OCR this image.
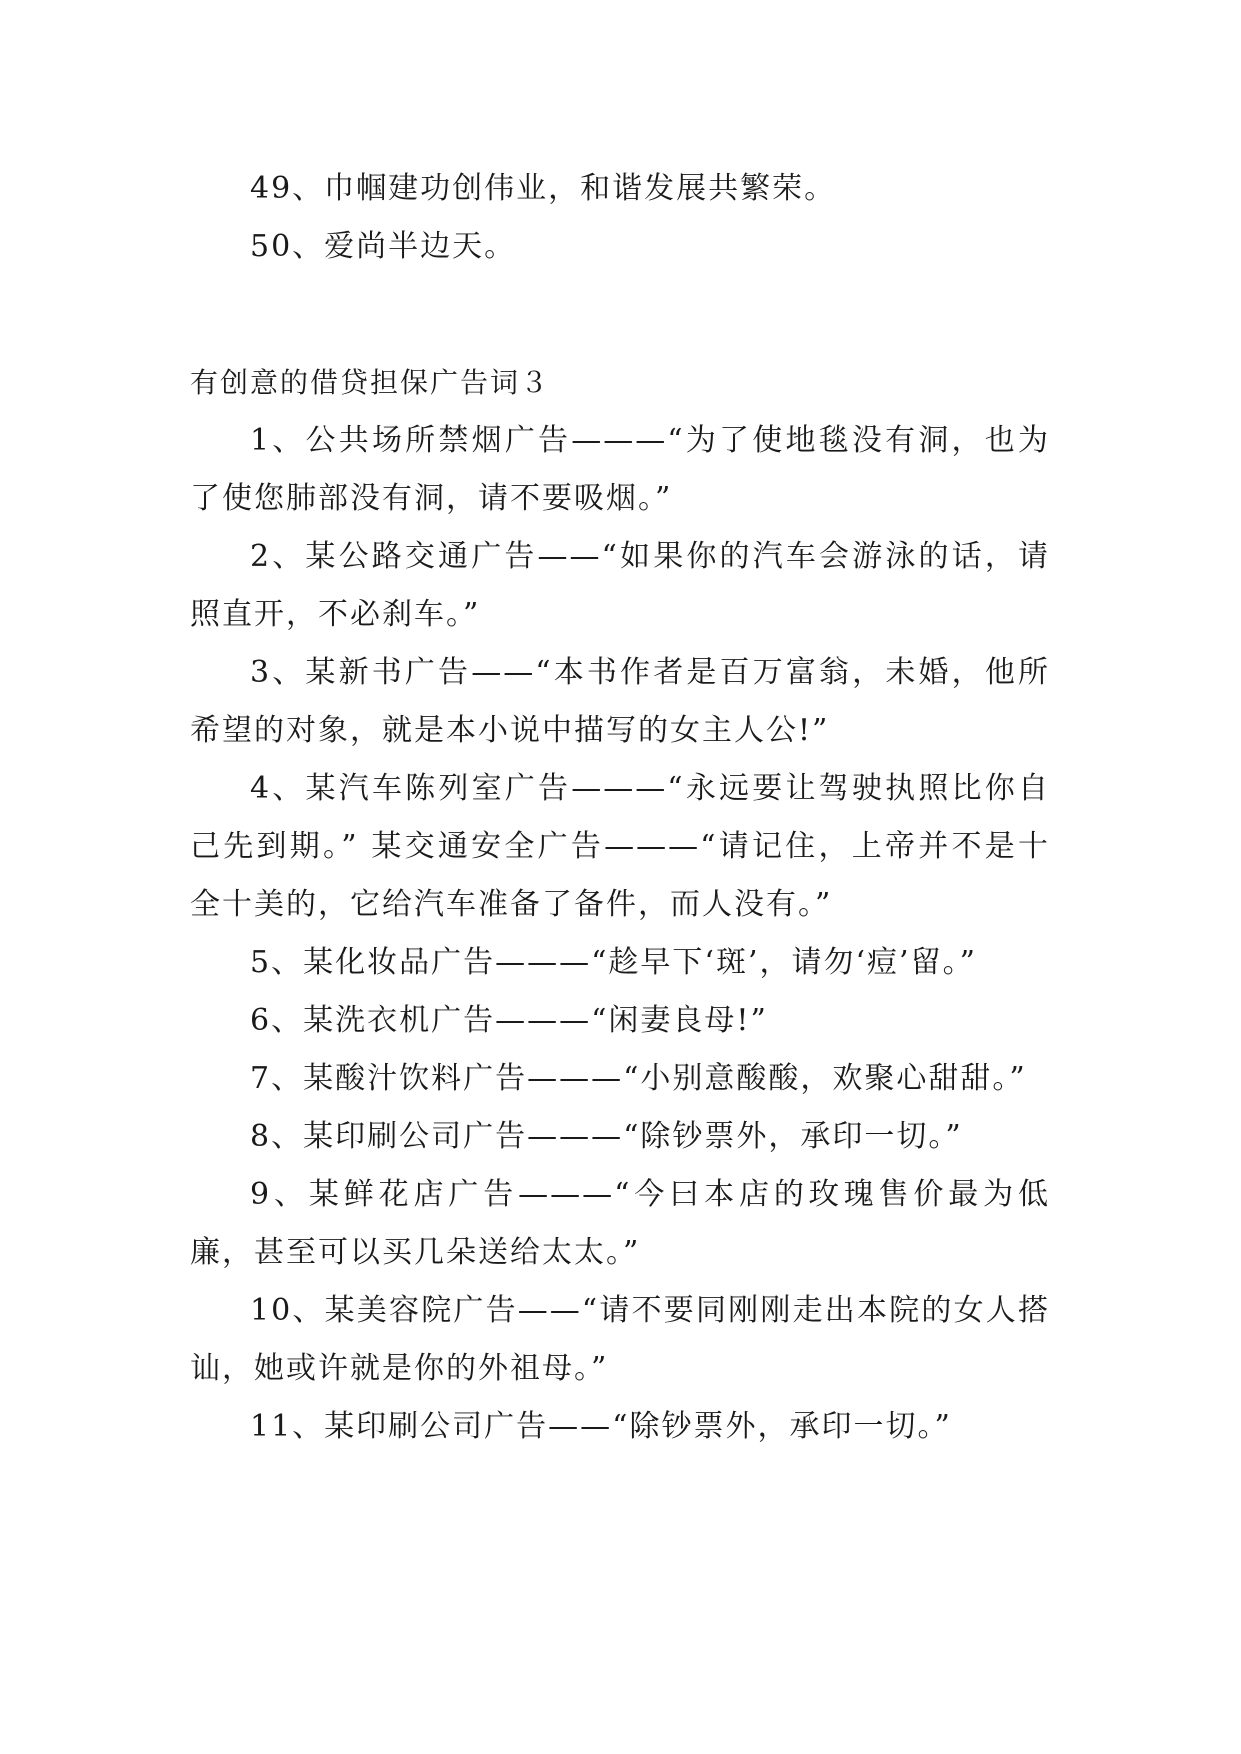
49、巾帼建功创伟业，和谐发展共繁荣。

50、爱尚半边天。

有创意的借贷担保广告词３

1、公共场所禁烟广告———“为了使地毯没有洞，也为了使您肺部没有洞，请不要吸烟。”

2、某公路交通广告——“如果你的汽车会游泳的话，请照直开，不必刹车。”

3、某新书广告——“本书作者是百万富翁，未婚，他所希望的对象，就是本小说中描写的女主人公!”

4、某汽车陈列室广告———“永远要让驾驶执照比你自己先到期。” 某交通安全广告———“请记住，上帝并不是十全十美的，它给汽车准备了备件，而人没有。”

5、某化妆品广告———“趁早下‘斑’，请勿‘痘’留。”

6、某洗衣机广告———“闲妻良母!”

7、某酸汁饮料广告———“小别意酸酸，欢聚心甜甜。”

8、某印刷公司广告———“除钞票外，承印一切。”

9、某鲜花店广告———“今曰本店的玫瑰售价最为低廉，甚至可以买几朵送给太太。”

10、某美容院广告——“请不要同刚刚走出本院的女人搭讪，她或许就是你的外祖母。”

11、某印刷公司广告——“除钞票外，承印一切。”
